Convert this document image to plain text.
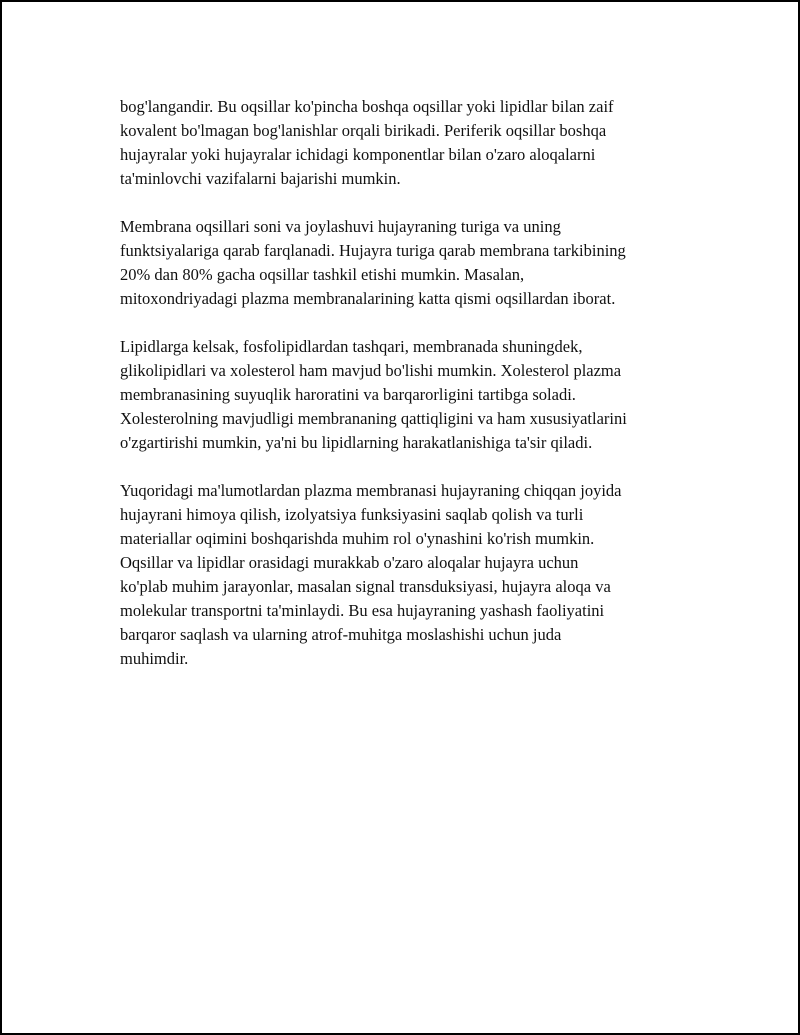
bog'langandir. Bu oqsillar ko'pincha boshqa oqsillar yoki lipidlar bilan zaif
kovalent bo'lmagan bog'lanishlar orqali birikadi. Periferik oqsillar boshqa
hujayralar yoki hujayralar ichidagi komponentlar bilan o'zaro aloqalarni
ta'minlovchi vazifalarni bajarishi mumkin.

Membrana oqsillari soni va joylashuvi hujayraning turiga va uning
funktsiyalariga qarab farqlanadi. Hujayra turiga qarab membrana tarkibining
20% dan 80% gacha oqsillar tashkil etishi mumkin. Masalan,
mitoxondriyadagi plazma membranalarining katta qismi oqsillardan iborat.

Lipidlarga kelsak, fosfolipidlardan tashqari, membranada shuningdek,
glikolipidlari va xolesterol ham mavjud bo'lishi mumkin. Xolesterol plazma
membranasining suyuqlik haroratini va barqarorligini tartibga soladi.
Xolesterolning mavjudligi membrananing qattiqligini va ham xususiyatlarini
o'zgartirishi mumkin, ya'ni bu lipidlarning harakatlanishiga ta'sir qiladi.

Yuqoridagi ma'lumotlardan plazma membranasi hujayraning chiqqan joyida
hujayrani himoya qilish, izolyatsiya funksiyasini saqlab qolish va turli
materiallar oqimini boshqarishda muhim rol o'ynashini ko'rish mumkin.
Oqsillar va lipidlar orasidagi murakkab o'zaro aloqalar hujayra uchun
ko'plab muhim jarayonlar, masalan signal transduksiyasi, hujayra aloqa va
molekular transportni ta'minlaydi. Bu esa hujayraning yashash faoliyatini
barqaror saqlash va ularning atrof-muhitga moslashishi uchun juda
muhimdir.
